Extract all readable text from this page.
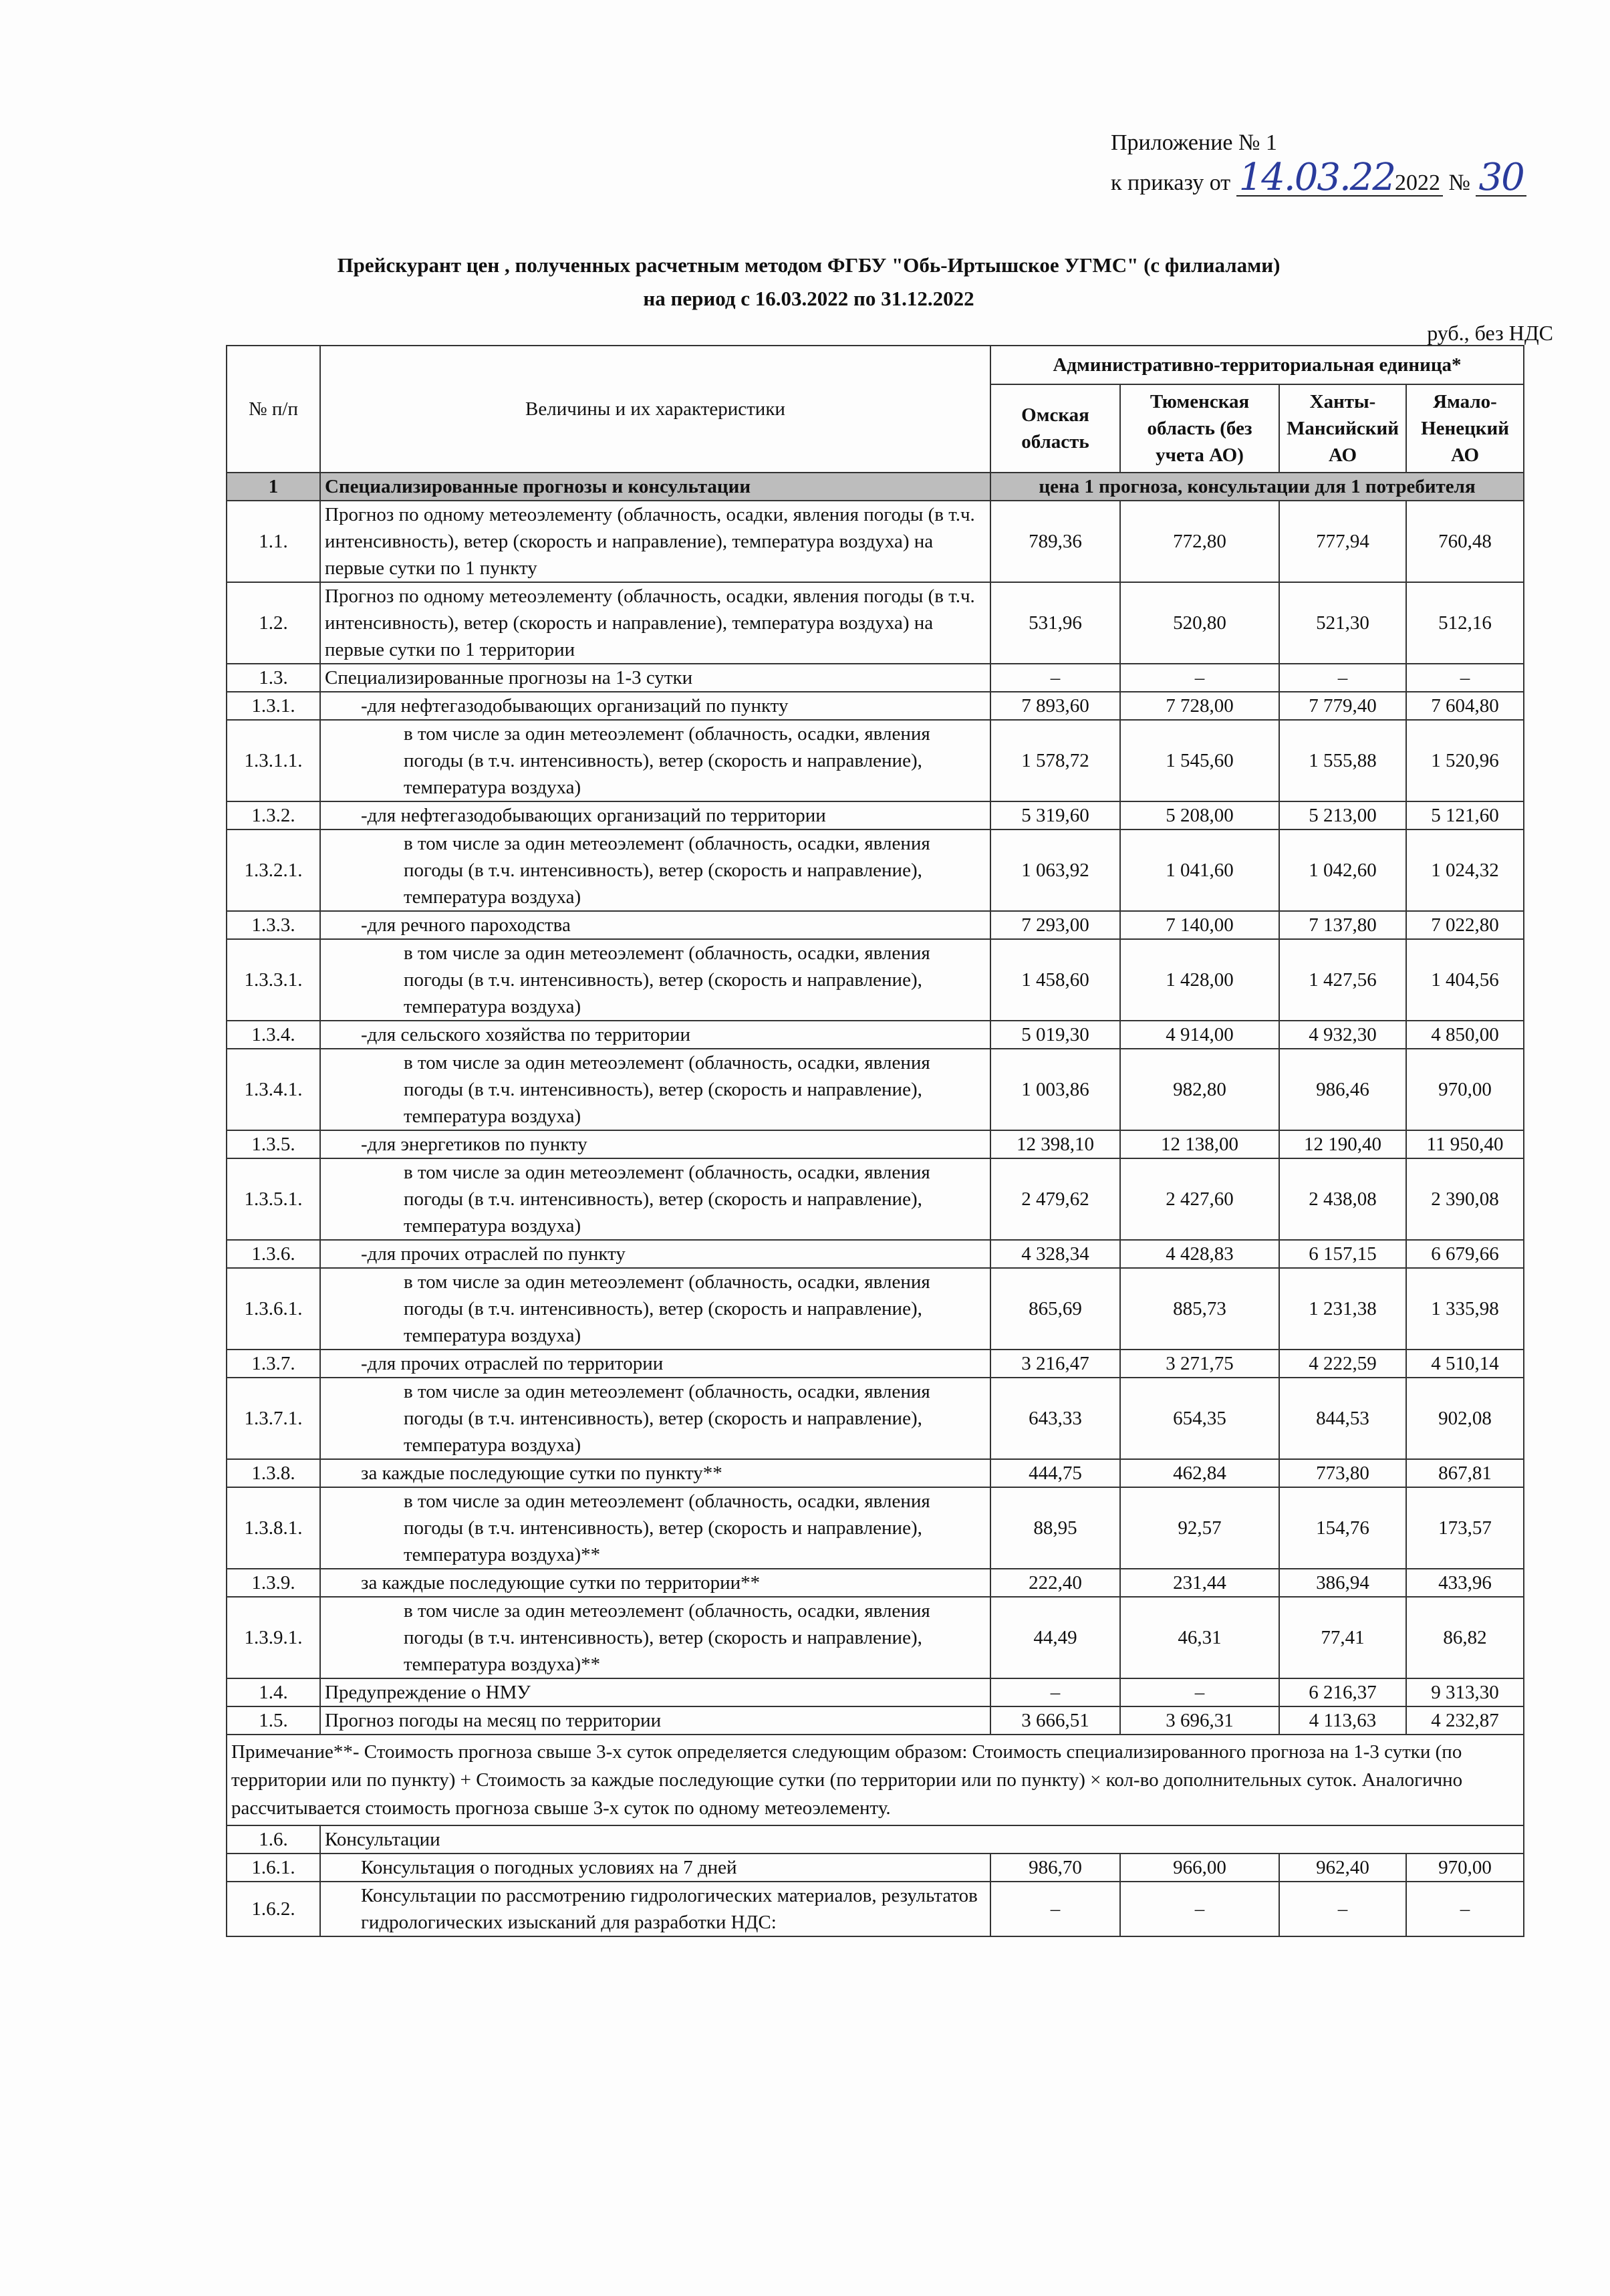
Приложение № 1
к приказу от 14.03.222022 № 30
Прейскурант цен , полученных расчетным методом ФГБУ "Обь-Иртышское УГМС" (с филиалами)
на период с 16.03.2022 по 31.12.2022
руб., без НДС
№ п/п	Величины и их характеристики	Административно-территориальная единица*			
		Омская область	Тюменская область (без учета АО)	Ханты-Мансийский АО	Ямало-Ненецкий АО
1	Специализированные прогнозы и консультации	цена 1 прогноза, консультации для 1 потребителя			
1.1.	Прогноз по одному метеоэлементу (облачность, осадки, явления погоды (в т.ч. интенсивность), ветер (скорость и направление), температура воздуха) на первые сутки по 1 пункту	789,36	772,80	777,94	760,48
1.2.	Прогноз по одному метеоэлементу (облачность, осадки, явления погоды (в т.ч. интенсивность), ветер (скорость и направление), температура воздуха) на первые сутки по 1 территории	531,96	520,80	521,30	512,16
1.3.	Специализированные прогнозы на 1-3 сутки	–	–	–	–
1.3.1.	-для нефтегазодобывающих организаций по пункту	7 893,60	7 728,00	7 779,40	7 604,80
1.3.1.1.	в том числе за один метеоэлемент (облачность, осадки, явления погоды (в т.ч. интенсивность), ветер (скорость и направление), температура воздуха)	1 578,72	1 545,60	1 555,88	1 520,96
1.3.2.	-для нефтегазодобывающих организаций по территории	5 319,60	5 208,00	5 213,00	5 121,60
1.3.2.1.	в том числе за один метеоэлемент (облачность, осадки, явления погоды (в т.ч. интенсивность), ветер (скорость и направление), температура воздуха)	1 063,92	1 041,60	1 042,60	1 024,32
1.3.3.	-для речного пароходства	7 293,00	7 140,00	7 137,80	7 022,80
1.3.3.1.	в том числе за один метеоэлемент (облачность, осадки, явления погоды (в т.ч. интенсивность), ветер (скорость и направление), температура воздуха)	1 458,60	1 428,00	1 427,56	1 404,56
1.3.4.	-для сельского хозяйства по территории	5 019,30	4 914,00	4 932,30	4 850,00
1.3.4.1.	в том числе за один метеоэлемент (облачность, осадки, явления погоды (в т.ч. интенсивность), ветер (скорость и направление), температура воздуха)	1 003,86	982,80	986,46	970,00
1.3.5.	-для энергетиков по пункту	12 398,10	12 138,00	12 190,40	11 950,40
1.3.5.1.	в том числе за один метеоэлемент (облачность, осадки, явления погоды (в т.ч. интенсивность), ветер (скорость и направление), температура воздуха)	2 479,62	2 427,60	2 438,08	2 390,08
1.3.6.	-для прочих отраслей по пункту	4 328,34	4 428,83	6 157,15	6 679,66
1.3.6.1.	в том числе за один метеоэлемент (облачность, осадки, явления погоды (в т.ч. интенсивность), ветер (скорость и направление), температура воздуха)	865,69	885,73	1 231,38	1 335,98
1.3.7.	-для прочих отраслей по территории	3 216,47	3 271,75	4 222,59	4 510,14
1.3.7.1.	в том числе за один метеоэлемент (облачность, осадки, явления погоды (в т.ч. интенсивность), ветер (скорость и направление), температура воздуха)	643,33	654,35	844,53	902,08
1.3.8.	за каждые последующие сутки по пункту**	444,75	462,84	773,80	867,81
1.3.8.1.	в том числе за один метеоэлемент (облачность, осадки, явления погоды (в т.ч. интенсивность), ветер (скорость и направление), температура воздуха)**	88,95	92,57	154,76	173,57
1.3.9.	за каждые последующие сутки по территории**	222,40	231,44	386,94	433,96
1.3.9.1.	в том числе за один метеоэлемент (облачность, осадки, явления погоды (в т.ч. интенсивность), ветер (скорость и направление), температура воздуха)**	44,49	46,31	77,41	86,82
1.4.	Предупреждение о НМУ	–	–	6 216,37	9 313,30
1.5.	Прогноз погоды на месяц по территории	3 666,51	3 696,31	4 113,63	4 232,87
Примечание**- Стоимость прогноза свыше 3-х суток определяется следующим образом: Стоимость специализированного прогноза на 1-3 сутки (по территории или по пункту) + Стоимость за каждые последующие сутки (по территории или по пункту) × кол-во дополнительных суток. Аналогично рассчитывается стоимость прогноза свыше 3-х суток по одному метеоэлементу.					
1.6.	Консультации				
1.6.1.	Консультация о погодных условиях на 7 дней	986,70	966,00	962,40	970,00
1.6.2.	Консультации по рассмотрению гидрологических материалов, результатов гидрологических изысканий для разработки НДС:	–	–	–	–
